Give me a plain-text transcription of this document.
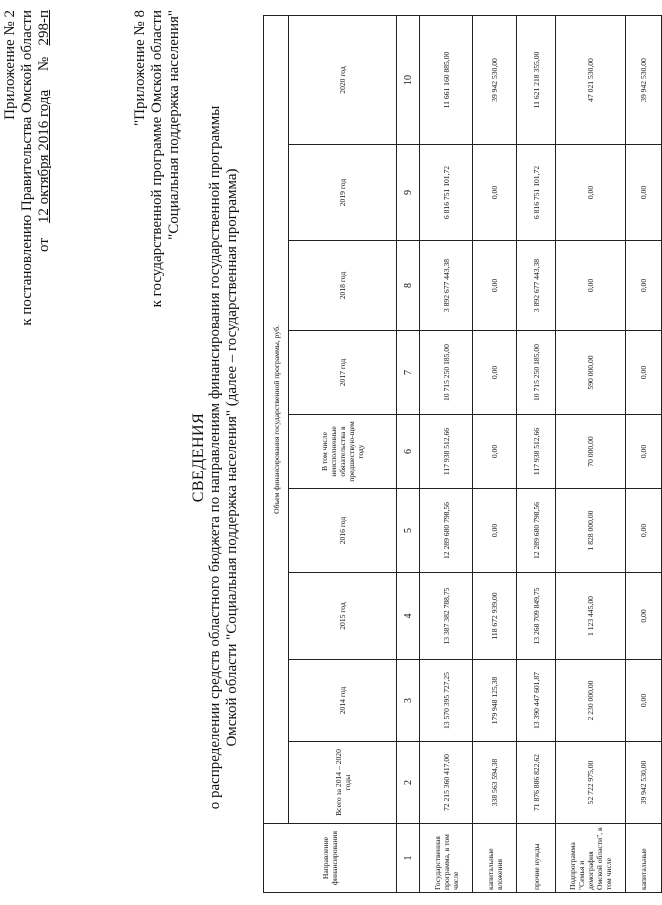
Приложение № 2 к постановлению Правительства Омской области от    12 октября 2016 года     №   298-п	"Приложение № 8 к государственной программе Омской области "Социальная поддержка населения"
СВЕДЕНИЯ о распределении средств областного бюджета по направлениям финансирования государственной программы Омской области "Социальная поддержка населения" (далее – государственная программа)
Направление финансирования	Объем финансирования государственной программы, руб.								
	Всего за 2014 – 2020 годы	2014 год	2015 год	2016 год	В том числе неисполненные обязательства в предшествую-щем году	2017 год	2018 год	2019 год	2020 год
1	2	3	4	5	6	7	8	9	10
Государственная программа, в том числе	72 215 360 417,00	13 570 395 727,25	13 387 382 788,75	12 289 680 798,56	117 938 512,66	10 715 250 185,00	3 892 677 443,38	6 816 751 101,72	11 661 160 885,00
капитальные вложения	338 563 594,38	179 948 125,38	118 672 939,00	0,00	0,00	0,00	0,00	0,00	39 942 530,00
прочие нужды	71 876 886 822,62	13 390 447 601,87	13 268 709 849,75	12 289 680 798,56	117 938 512,66	10 715 250 185,00	3 892 677 443,38	6 816 751 101,72	11 621 218 355,00
Подпрограмма "Семья и демография Омской области", в том числе	52 722 975,00	2 230 000,00	1 123 445,00	1 828 000,00	70 000,00	590 000,00	0,00	0,00	47 021 530,00
капитальные	39 942 530,00	0,00	0,00	0,00	0,00	0,00	0,00	0,00	39 942 530,00
